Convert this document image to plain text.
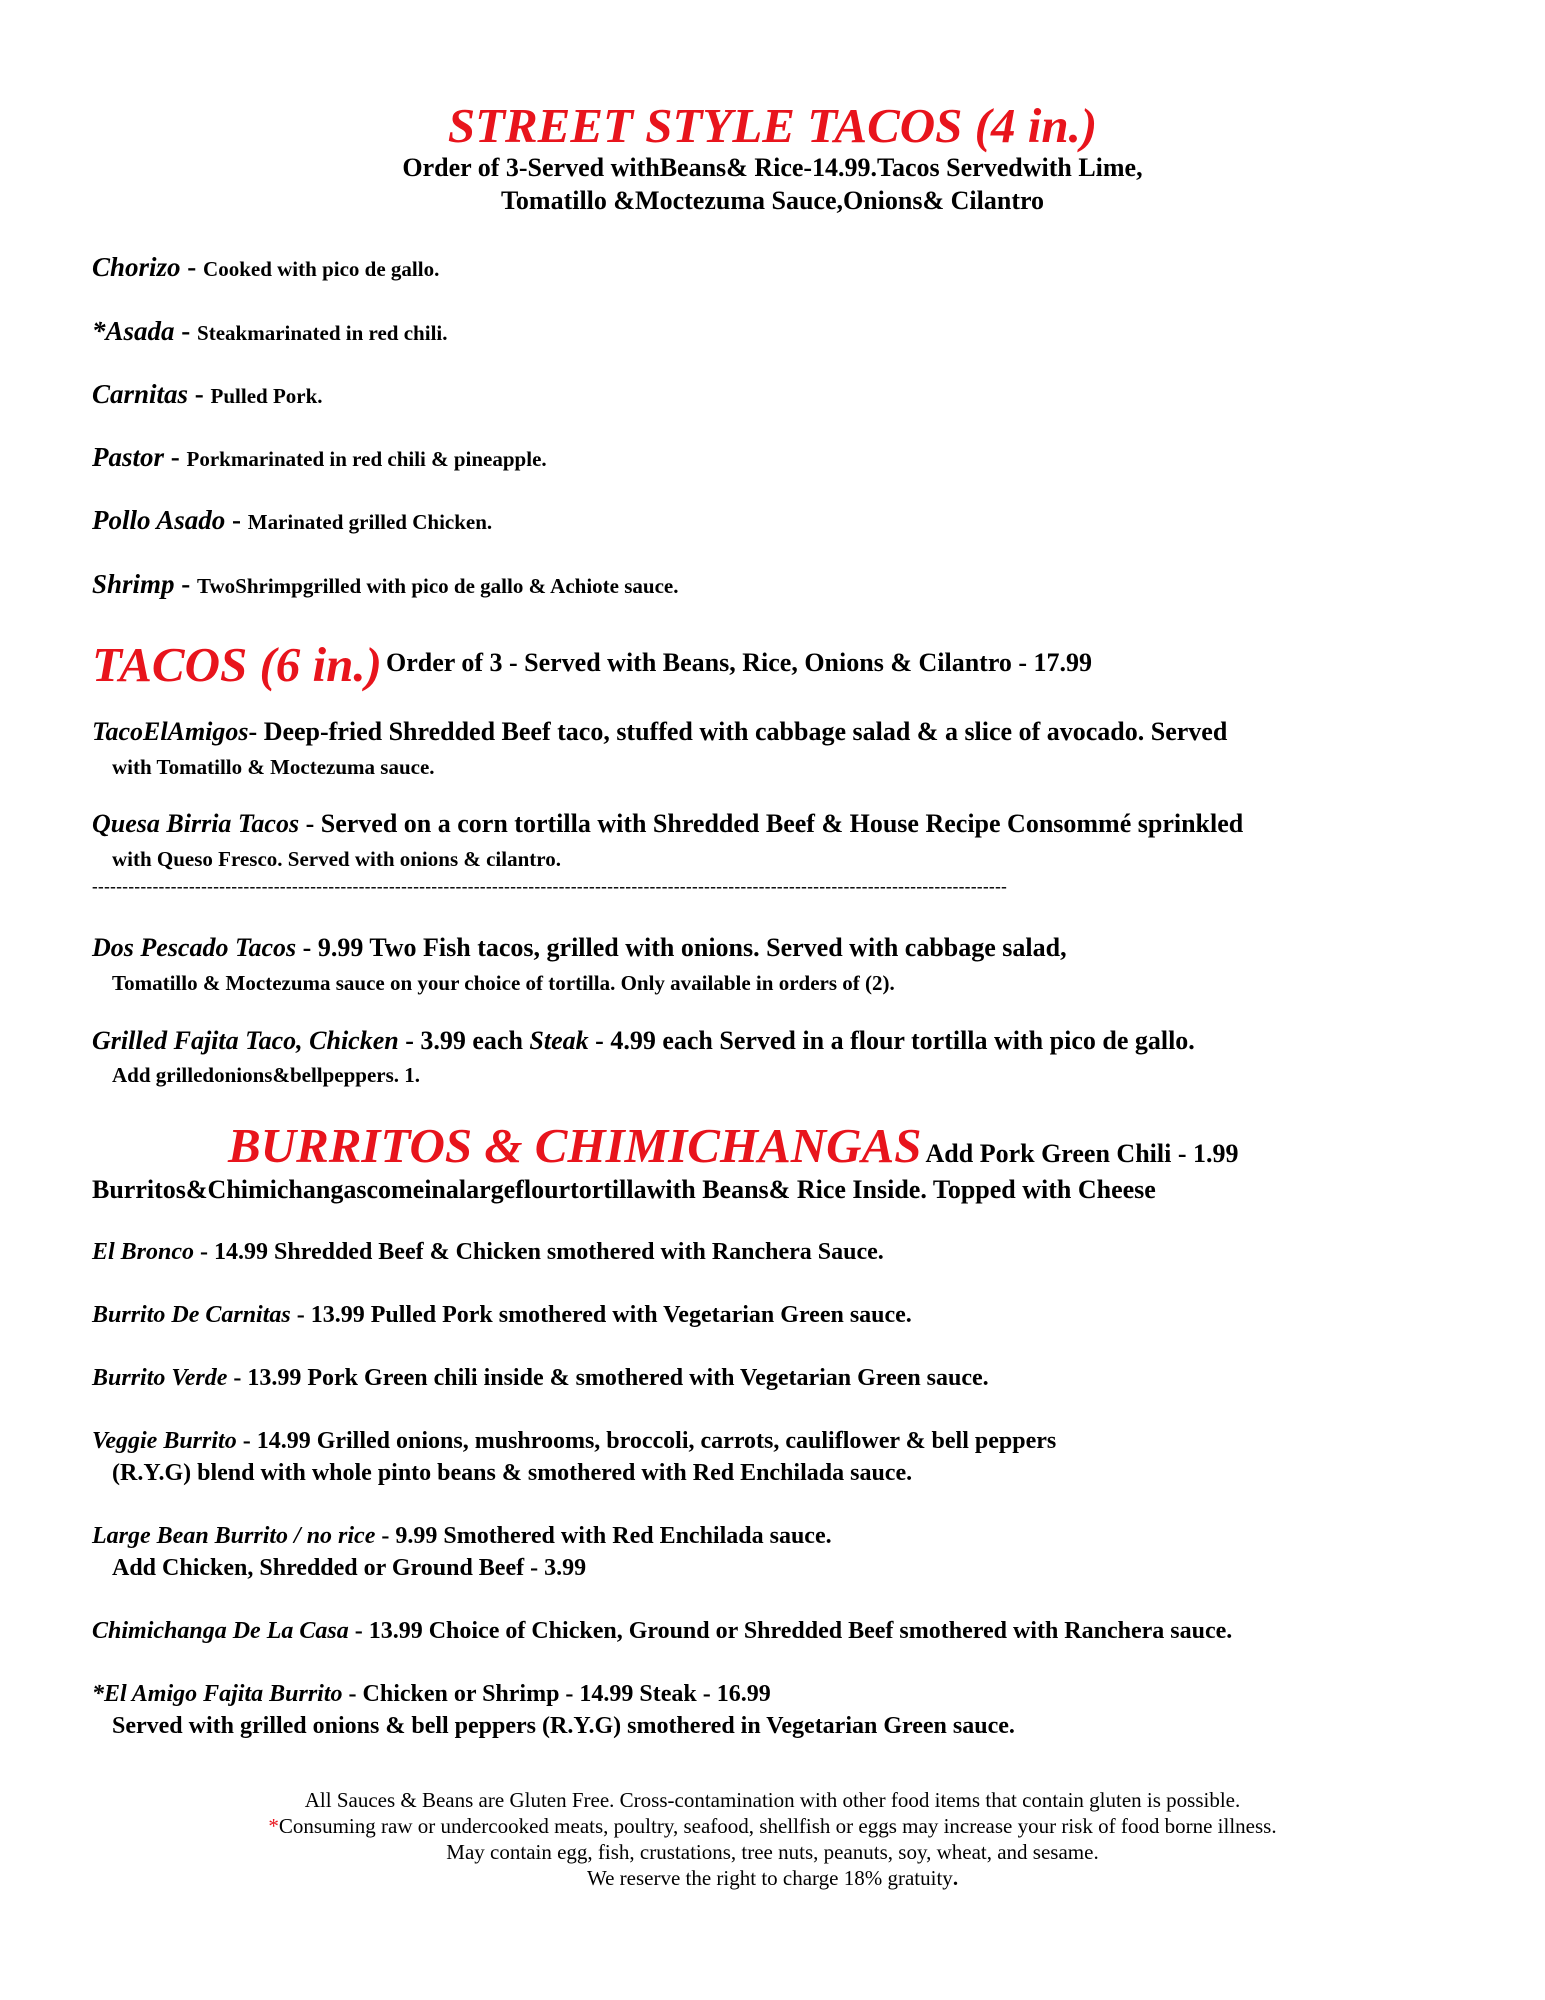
STREET STYLE TACOS (4 in.)
Order of 3-Served withBeans& Rice-14.99.Tacos Servedwith Lime,
Tomatillo &Moctezuma Sauce,Onions& Cilantro
Chorizo - Cooked with pico de gallo.
*Asada - Steakmarinated in red chili.
Carnitas - Pulled Pork.
Pastor - Porkmarinated in red chili & pineapple.
Pollo Asado - Marinated grilled Chicken.
Shrimp - TwoShrimpgrilled with pico de gallo & Achiote sauce.
TACOS (6 in.) Order of 3 - Served with Beans, Rice, Onions & Cilantro - 17.99
TacoElAmigos- Deep-fried Shredded Beef taco, stuffed with cabbage salad & a slice of avocado. Served
with Tomatillo & Moctezuma sauce.
Quesa Birria Tacos - Served on a corn tortilla with Shredded Beef & House Recipe Consommé sprinkled
with Queso Fresco. Served with onions & cilantro.
-------------------------------------------------------------------------------------------------------------------------------------------------------
Dos Pescado Tacos - 9.99 Two Fish tacos, grilled with onions. Served with cabbage salad,
Tomatillo & Moctezuma sauce on your choice of tortilla. Only available in orders of (2).
Grilled Fajita Taco, Chicken - 3.99 each Steak - 4.99 each Served in a flour tortilla with pico de gallo.
Add grilledonions&bellpeppers. 1.
BURRITOS & CHIMICHANGAS Add Pork Green Chili - 1.99
Burritos&Chimichangascomeinalargeflourtortillawith Beans& Rice Inside. Topped with Cheese
El Bronco - 14.99 Shredded Beef & Chicken smothered with Ranchera Sauce.
Burrito De Carnitas - 13.99 Pulled Pork smothered with Vegetarian Green sauce.
Burrito Verde - 13.99 Pork Green chili inside & smothered with Vegetarian Green sauce.
Veggie Burrito - 14.99 Grilled onions, mushrooms, broccoli, carrots, cauliflower & bell peppers
(R.Y.G) blend with whole pinto beans & smothered with Red Enchilada sauce.
Large Bean Burrito / no rice - 9.99 Smothered with Red Enchilada sauce.
Add Chicken, Shredded or Ground Beef - 3.99
Chimichanga De La Casa - 13.99 Choice of Chicken, Ground or Shredded Beef smothered with Ranchera sauce.
*El Amigo Fajita Burrito - Chicken or Shrimp - 14.99 Steak - 16.99
Served with grilled onions & bell peppers (R.Y.G) smothered in Vegetarian Green sauce.
All Sauces & Beans are Gluten Free. Cross-contamination with other food items that contain gluten is possible.
*Consuming raw or undercooked meats, poultry, seafood, shellfish or eggs may increase your risk of food borne illness.
May contain egg, fish, crustations, tree nuts, peanuts, soy, wheat, and sesame.
We reserve the right to charge 18% gratuity.
